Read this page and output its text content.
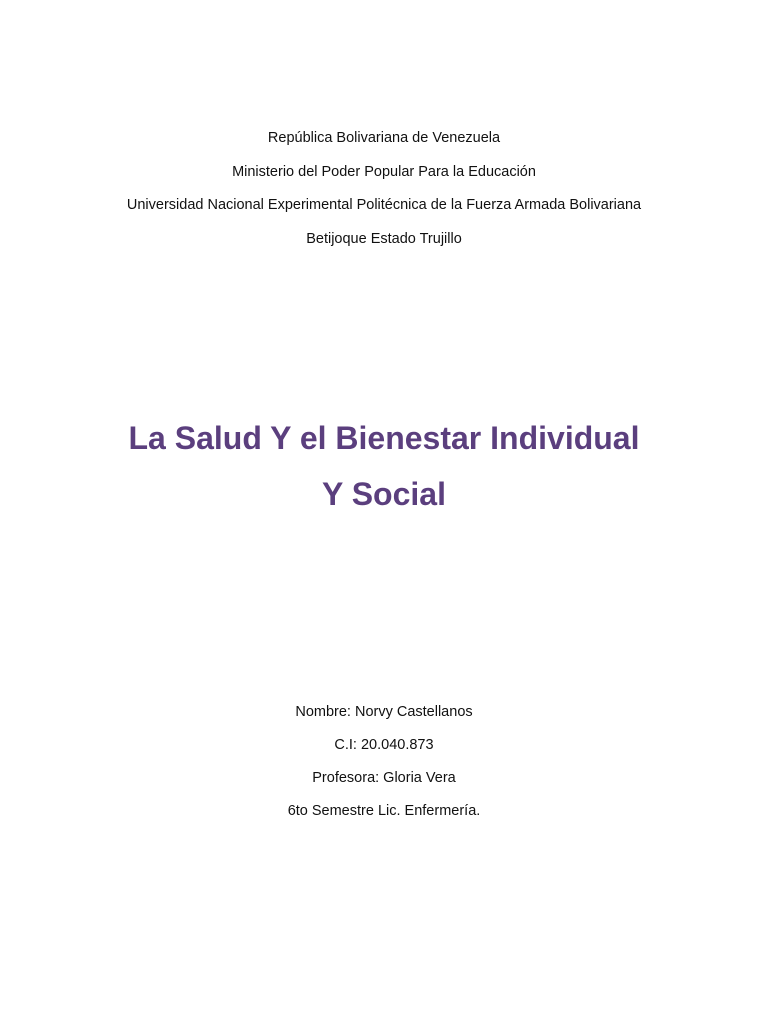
República Bolivariana de Venezuela
Ministerio del Poder Popular Para la Educación
Universidad Nacional Experimental Politécnica de la Fuerza Armada Bolivariana
Betijoque Estado Trujillo
La Salud Y el Bienestar Individual
Y Social
Nombre: Norvy Castellanos
C.I: 20.040.873
Profesora: Gloria Vera
6to Semestre Lic. Enfermería.
